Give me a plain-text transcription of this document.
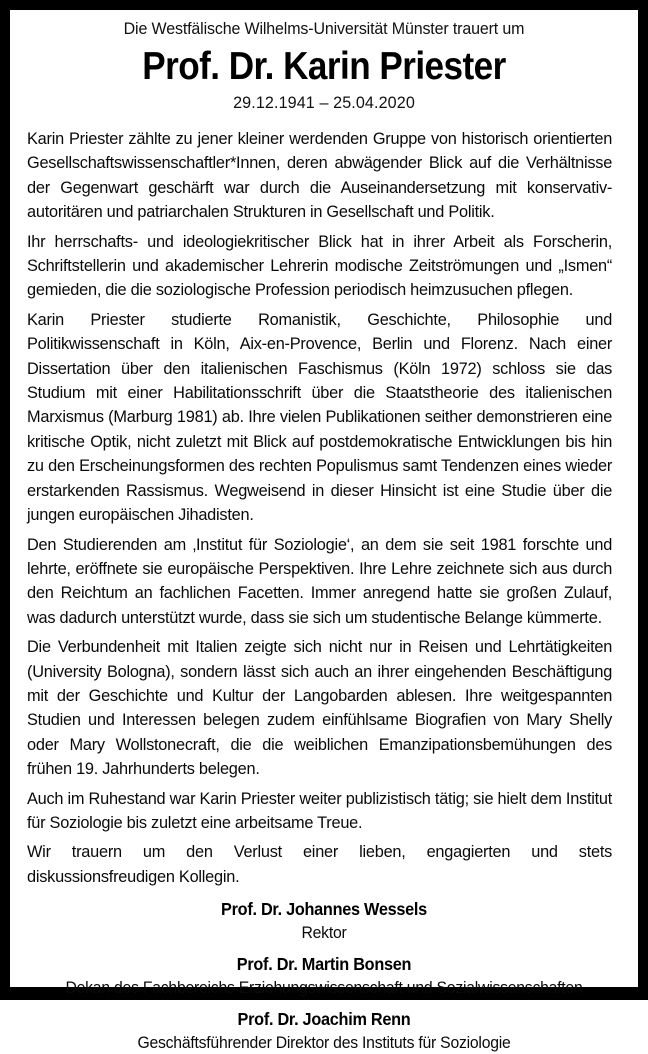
Die Westfälische Wilhelms-Universität Münster trauert um
Prof. Dr. Karin Priester
29.12.1941 – 25.04.2020

Karin Priester zählte zu jener kleiner werdenden Gruppe von historisch orientierten Gesellschaftswissenschaftler*Innen, deren abwägender Blick auf die Verhältnisse der Gegenwart geschärft war durch die Auseinandersetzung mit konservativ-autoritären und patriarchalen Strukturen in Gesellschaft und Politik.

Ihr herrschafts- und ideologiekritischer Blick hat in ihrer Arbeit als Forscherin, Schriftstellerin und akademischer Lehrerin modische Zeitströmungen und „Ismen“ gemieden, die die soziologische Profession periodisch heimzusuchen pflegen.

Karin Priester studierte Romanistik, Geschichte, Philosophie und Politikwissenschaft in Köln, Aix-en-Provence, Berlin und Florenz. Nach einer Dissertation über den italienischen Faschismus (Köln 1972) schloss sie das Studium mit einer Habilitationsschrift über die Staatstheorie des italienischen Marxismus (Marburg 1981) ab. Ihre vielen Publikationen seither demonstrieren eine kritische Optik, nicht zuletzt mit Blick auf postdemokratische Entwicklungen bis hin zu den Erscheinungsformen des rechten Populismus samt Tendenzen eines wieder erstarkenden Rassismus. Wegweisend in dieser Hinsicht ist eine Studie über die jungen europäischen Jihadisten.

Den Studierenden am ‚Institut für Soziologie‘, an dem sie seit 1981 forschte und lehrte, eröffnete sie europäische Perspektiven. Ihre Lehre zeichnete sich aus durch den Reichtum an fachlichen Facetten. Immer anregend hatte sie großen Zulauf, was dadurch unterstützt wurde, dass sie sich um studentische Belange kümmerte.

Die Verbundenheit mit Italien zeigte sich nicht nur in Reisen und Lehrtätigkeiten (University Bologna), sondern lässt sich auch an ihrer eingehenden Beschäftigung mit der Geschichte und Kultur der Langobarden ablesen. Ihre weitgespannten Studien und Interessen belegen zudem einfühlsame Biografien von Mary Shelly oder Mary Wollstonecraft, die die weiblichen Emanzipationsbemühungen des frühen 19. Jahrhunderts belegen.

Auch im Ruhestand war Karin Priester weiter publizistisch tätig; sie hielt dem Institut für Soziologie bis zuletzt eine arbeitsame Treue.

Wir trauern um den Verlust einer lieben, engagierten und stets diskussionsfreudigen Kollegin.

Prof. Dr. Johannes Wessels
Rektor
Prof. Dr. Martin Bonsen
Dekan des Fachbereichs Erziehungswissenschaft und Sozialwissenschaften
Prof. Dr. Joachim Renn
Geschäftsführender Direktor des Instituts für Soziologie
